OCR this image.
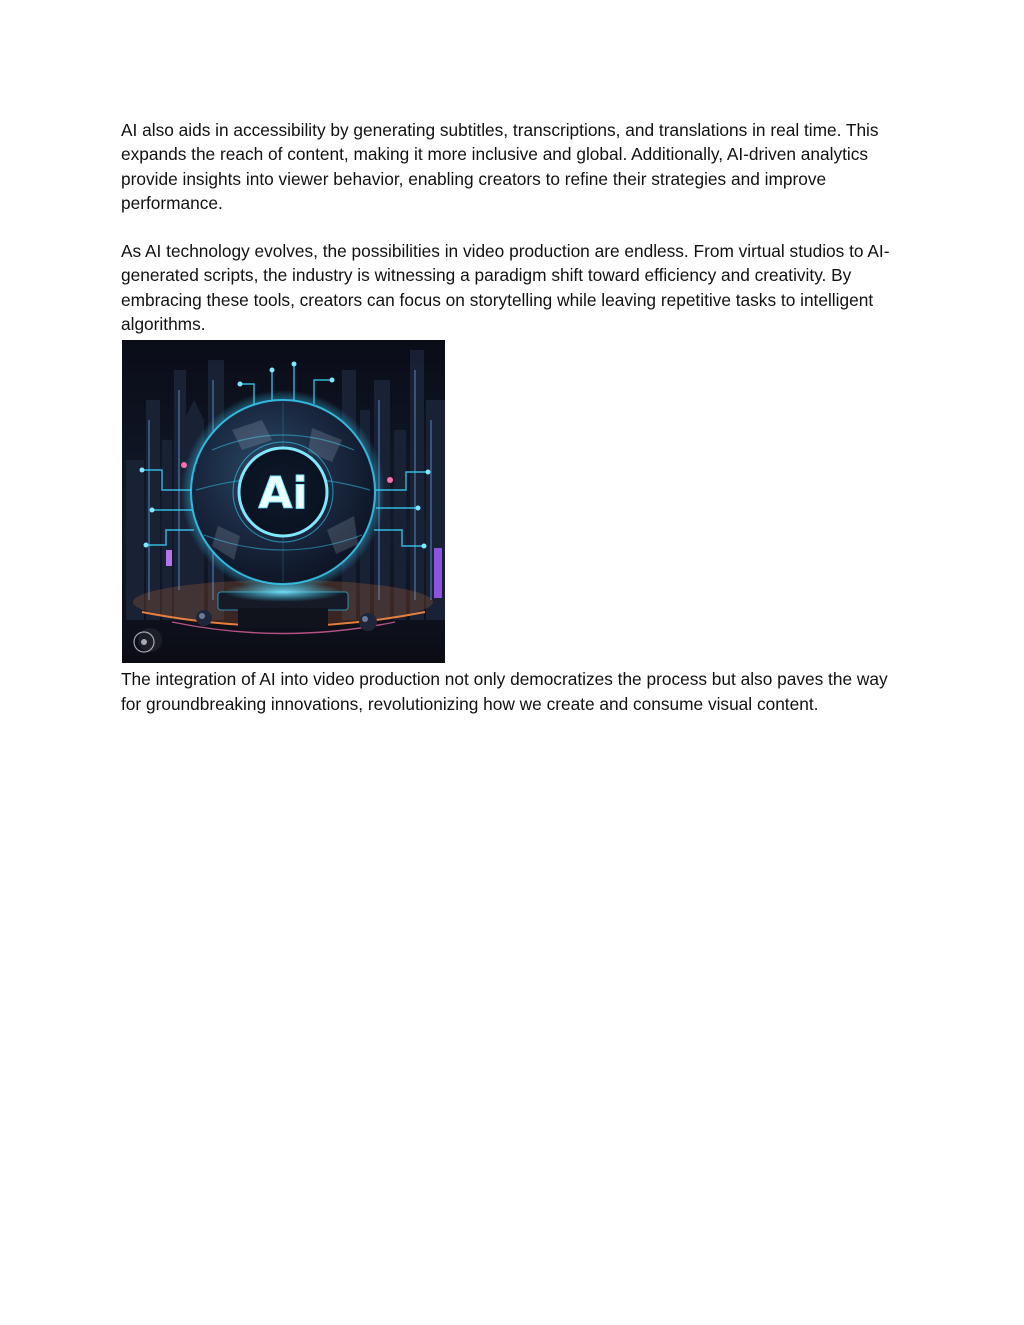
AI also aids in accessibility by generating subtitles, transcriptions, and translations in real time. This expands the reach of content, making it more inclusive and global. Additionally, AI-driven analytics provide insights into viewer behavior, enabling creators to refine their strategies and improve performance.

As AI technology evolves, the possibilities in video production are endless. From virtual studios to AI-generated scripts, the industry is witnessing a paradigm shift toward efficiency and creativity. By embracing these tools, creators can focus on storytelling while leaving repetitive tasks to intelligent algorithms.

Ai

The integration of AI into video production not only democratizes the process but also paves the way for groundbreaking innovations, revolutionizing how we create and consume visual content.
